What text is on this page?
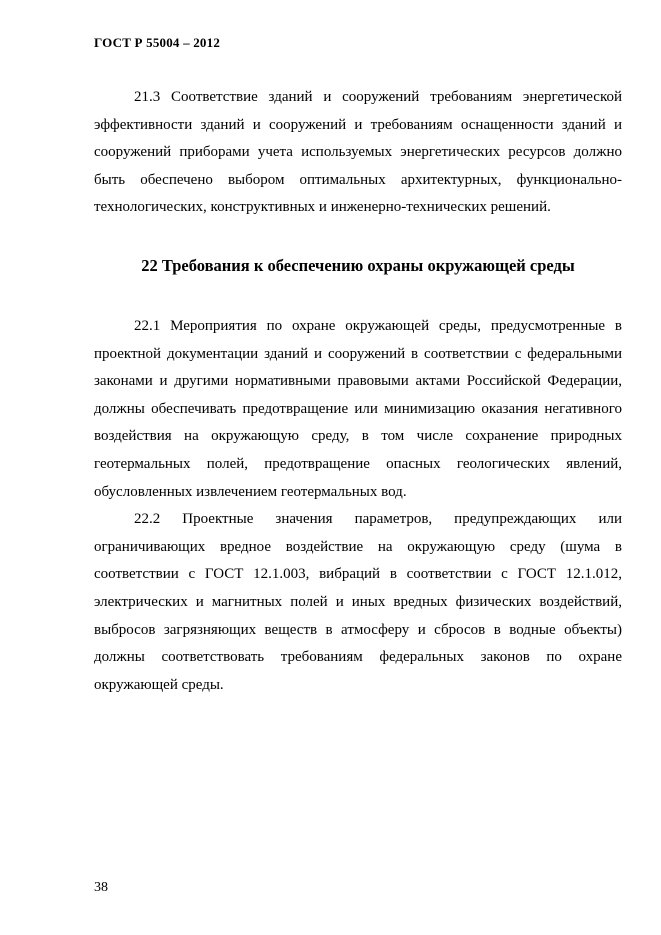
ГОСТ Р 55004 – 2012

21.3 Соответствие зданий и сооружений требованиям энергетической эффективности зданий и сооружений и требованиям оснащенности зданий и сооружений приборами учета используемых энергетических ресурсов должно быть обеспечено выбором оптимальных архитектурных, функционально-технологических, конструктивных и инженерно-технических решений.

22 Требования к обеспечению охраны окружающей среды

22.1 Мероприятия по охране окружающей среды, предусмотренные в проектной документации зданий и сооружений в соответствии с федеральными законами и другими нормативными правовыми актами Российской Федерации, должны обеспечивать предотвращение или минимизацию оказания негативного воздействия на окружающую среду, в том числе сохранение природных геотермальных полей, предотвращение опасных геологических явлений, обусловленных извлечением геотермальных вод.

22.2 Проектные значения параметров, предупреждающих или ограничивающих вредное воздействие на окружающую среду (шума в соответствии с ГОСТ 12.1.003, вибраций в соответствии с ГОСТ 12.1.012, электрических и магнитных полей и иных вредных физических воздействий, выбросов загрязняющих веществ в атмосферу и сбросов в водные объекты) должны соответствовать требованиям федеральных законов по охране окружающей среды.

38
